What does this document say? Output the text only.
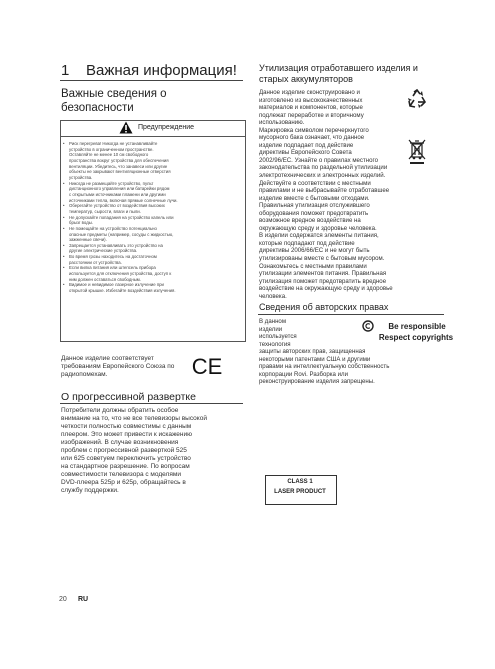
1 Важная информация!
Важные сведения о
безопасности
Предупреждение
• Риск перегрева! Никогда не устанавливайте
устройство в ограниченном пространстве.
Оставляйте не менее 10 см свободного
пространства вокруг устройства для обеспечения
вентиляции. Убедитесь, что занавеси или другие
объекты не закрывают вентиляционные отверстия
устройства.
• Никогда не размещайте устройство, пульт
дистанционного управления или батарейки рядом
с открытыми источниками пламени или другими
источниками тепла, включая прямые солнечные лучи.
• Оберегайте устройство от воздействия высоких
температур, сырости, влаги и пыли.
• Не допускайте попадания на устройство капель или
брызг воды.
• Не помещайте на устройство потенциально
опасные предметы (например, сосуды с жидкостью,
зажженные свечи).
• Запрещается устанавливать это устройство на
другие электрические устройства.
• Во время грозы находитесь на достаточном
расстоянии от устройства.
• Если вилка питания или штепсель прибора
используется для отключения устройства, доступ к
ним должен оставаться свободным.
• Видимое и невидимое лазерное излучение при
открытой крышке. Избегайте воздействия излучения.
Данное изделие соответствует
требованиям Европейского Союза по
радиопомехам.	CE
О прогрессивной развертке
Потребители должны обратить особое
внимание на то, что не все телевизоры высокой
четкости полностью совместимы с данным
плеером. Это может привести к искажению
изображений. В случае возникновения
проблем с прогрессивной разверткой 525
или 625 советуем переключить устройство
на стандартное разрешение. По вопросам
совместимости телевизора с моделями
DVD-плеера 525p и 625p, обращайтесь в
службу поддержки.
Утилизация отработавшего изделия и
старых аккумуляторов
Данное изделие сконструировано и
изготовлено из высококачественных
материалов и компонентов, которые
подлежат переработке и вторичному
использованию.
Маркировка символом перечеркнутого
мусорного бака означает, что данное
изделие подпадает под действие
директивы Европейского Совета
2002/96/EC. Узнайте о правилах местного
законодательства по раздельной утилизации
электротехнических и электронных изделий.
Действуйте в соответствии с местными
правилами и не выбрасывайте отработавшее
изделие вместе с бытовыми отходами.
Правильная утилизация отслужившего
оборудования поможет предотвратить
возможное вредное воздействие на
окружающую среду и здоровье человека.
В изделии содержатся элементы питания,
которые подпадают под действие
директивы 2006/66/EC и не могут быть
утилизированы вместе с бытовым мусором.
Ознакомьтесь с местными правилами
утилизации элементов питания. Правильная
утилизация поможет предотвратить вредное
воздействие на окружающую среду и здоровье
человека.
Сведения об авторских правах
В данном
изделии
используется
технология
защиты авторских прав, защищенная
некоторыми патентами США и другими
правами на интеллектуальную собственность
корпорации Rovi. Разборка или
реконструирование изделия запрещены.
Be responsible
Respect copyrights
CLASS 1
LASER PRODUCT
20 RU
